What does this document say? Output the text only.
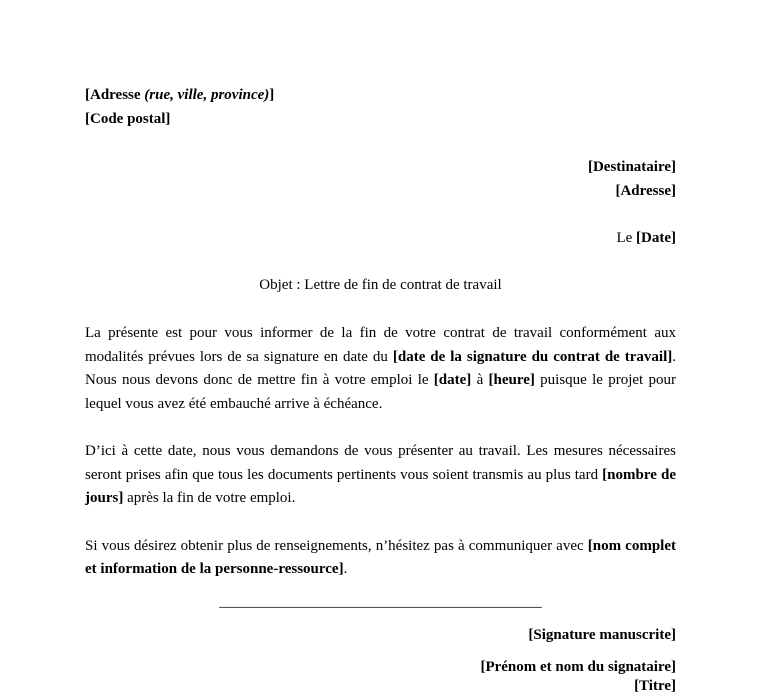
[Adresse (rue, ville, province)]

[Code postal]

[Destinataire]

[Adresse]

Le [Date]

Objet : Lettre de fin de contrat de travail

La présente est pour vous informer de la fin de votre contrat de travail conformément aux modalités prévues lors de sa signature en date du [date de la signature du contrat de travail]. Nous nous devons donc de mettre fin à votre emploi le [date] à [heure] puisque le projet pour lequel vous avez été embauché arrive à échéance.

D’ici à cette date, nous vous demandons de vous présenter au travail. Les mesures nécessaires seront prises afin que tous les documents pertinents vous soient transmis au plus tard [nombre de jours] après la fin de votre emploi.

Si vous désirez obtenir plus de renseignements, n’hésitez pas à communiquer avec [nom complet et information de la personne-ressource].

___________________________________________

[Signature manuscrite]

[Prénom et nom du signataire]

[Titre]
